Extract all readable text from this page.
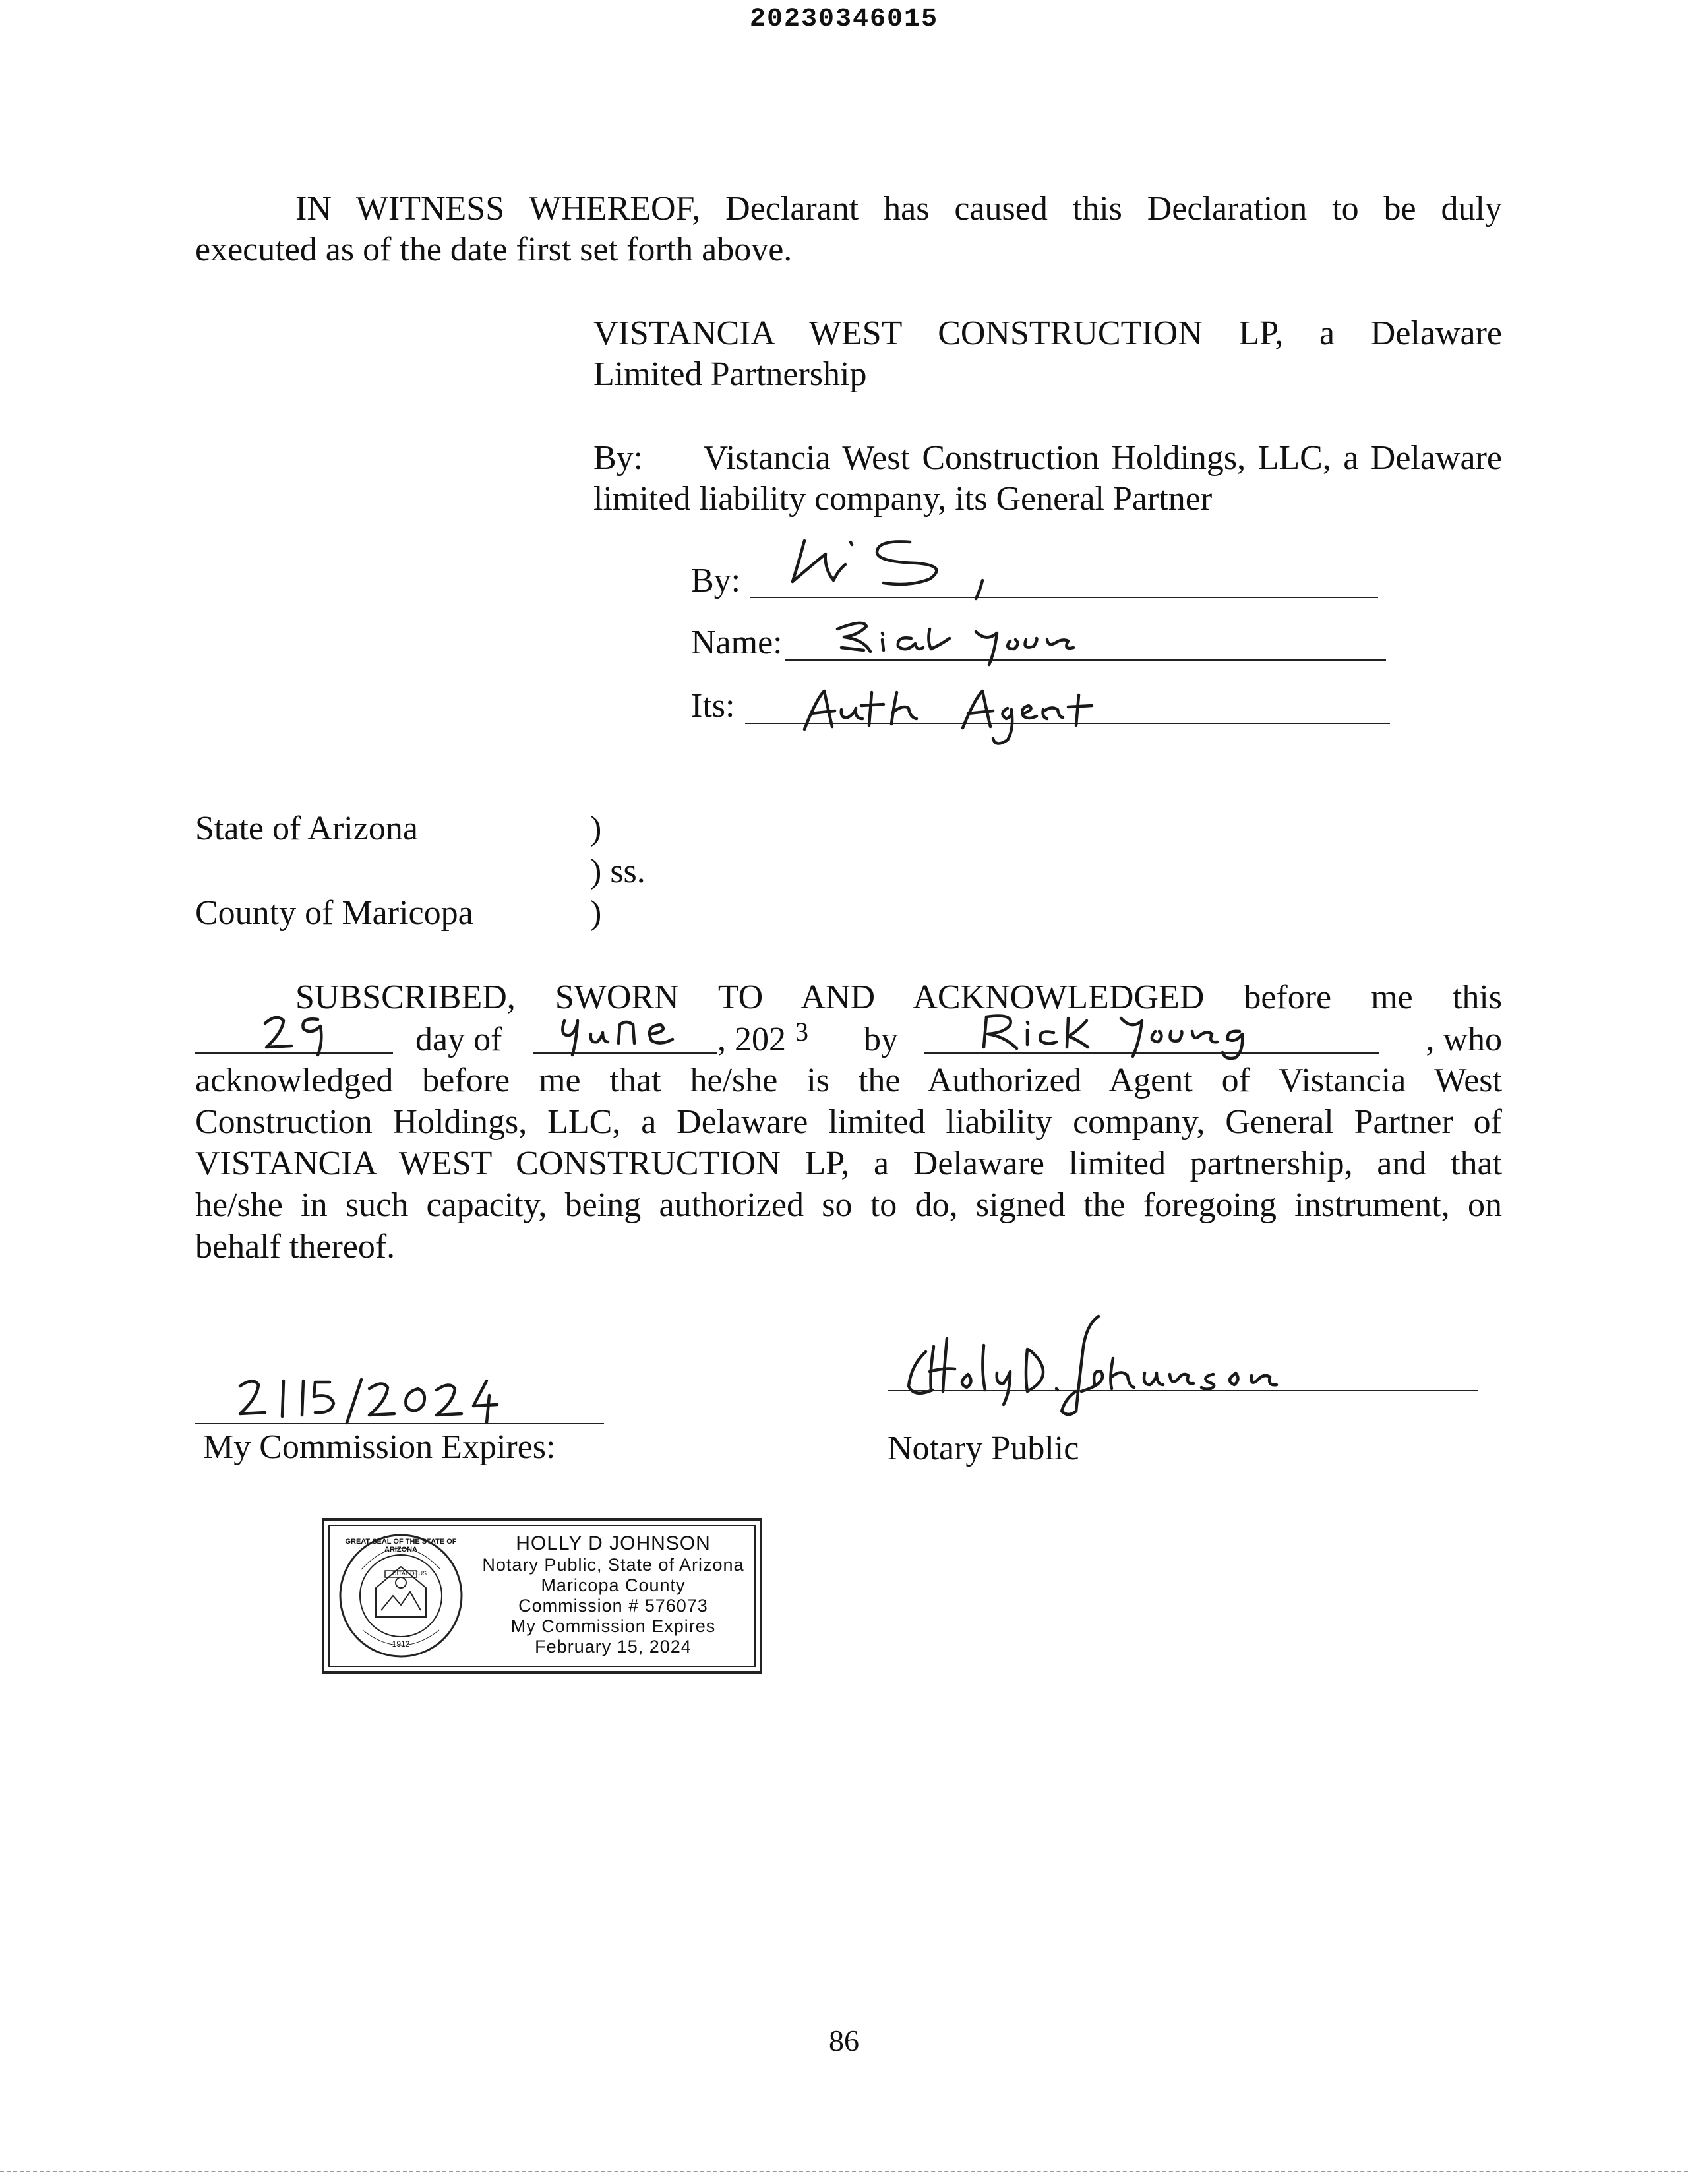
20230346015
IN WITNESS WHEREOF, Declarant has caused this Declaration to be duly
executed as of the date first set forth above.
VISTANCIA WEST CONSTRUCTION LP, a Delaware
Limited Partnership
By:     Vistancia West Construction Holdings, LLC, a Delaware
limited liability company, its General Partner
By:
Name:
Its:
State of Arizona	)
) ss.
County of Maricopa	)
SUBSCRIBED, SWORN TO AND ACKNOWLEDGED before me this
day of	, 202 3 by	, who
acknowledged before me that he/she is the Authorized Agent of Vistancia West
Construction Holdings, LLC, a Delaware limited liability company, General Partner of
VISTANCIA WEST CONSTRUCTION LP, a Delaware limited partnership, and that
he/she in such capacity, being authorized so to do, signed the foregoing instrument, on
behalf thereof.
My Commission Expires:	Notary Public
DITAT DEUS
GREAT SEAL OF THE STATE OF ARIZONA
1912
HOLLY D JOHNSON
Notary Public, State of Arizona
Maricopa County
Commission # 576073
My Commission Expires
February 15, 2024
86
